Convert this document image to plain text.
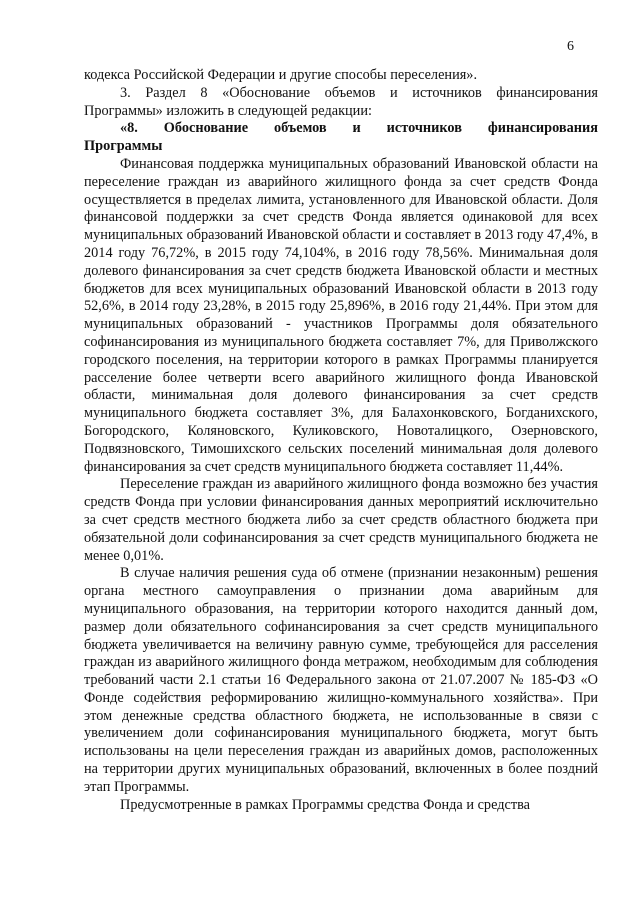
6

кодекса Российской Федерации и другие способы переселения».

3. Раздел 8 «Обоснование объемов и источников финансирования Программы» изложить в следующей редакции:

«8. Обоснование объемов и источников финансирования

Программы

Финансовая поддержка муниципальных образований Ивановской области на переселение граждан из аварийного жилищного фонда за счет средств Фонда осуществляется в пределах лимита, установленного для Ивановской области. Доля финансовой поддержки за счет средств Фонда является одинаковой для всех муниципальных образований Ивановской области и составляет в 2013 году 47,4%, в 2014 году 76,72%, в 2015 году 74,104%, в 2016 году 78,56%. Минимальная доля долевого финансирования за счет средств бюджета Ивановской области и местных бюджетов для всех муниципальных образований Ивановской области в 2013 году 52,6%, в 2014 году 23,28%, в 2015 году 25,896%, в 2016 году 21,44%. При этом для муниципальных образований - участников Программы доля обязательного софинансирования из муниципального бюджета составляет 7%, для Приволжского городского поселения, на территории которого в рамках Программы планируется расселение более четверти всего аварийного жилищного фонда Ивановской области, минимальная доля долевого финансирования за счет средств муниципального бюджета составляет 3%, для Балахонковского, Богданихского, Богородского, Коляновского, Куликовского, Новоталицкого, Озерновского, Подвязновского, Тимошихского сельских поселений минимальная доля долевого финансирования за счет средств муниципального бюджета составляет 11,44%.

Переселение граждан из аварийного жилищного фонда возможно без участия средств Фонда при условии финансирования данных мероприятий исключительно за счет средств местного бюджета либо за счет средств областного бюджета при обязательной доли софинансирования за счет средств муниципального бюджета не менее 0,01%.

В случае наличия решения суда об отмене (признании незаконным) решения органа местного самоуправления о признании дома аварийным для муниципального образования, на территории которого находится данный дом, размер доли обязательного софинансирования за счет средств муниципального бюджета увеличивается на величину равную сумме, требующейся для расселения граждан из аварийного жилищного фонда метражом, необходимым для соблюдения требований части 2.1 статьи 16 Федерального закона от 21.07.2007 № 185-ФЗ «О Фонде содействия реформированию жилищно-коммунального хозяйства». При этом денежные средства областного бюджета, не использованные в связи с увеличением доли софинансирования муниципального бюджета, могут быть использованы на цели переселения граждан из аварийных домов, расположенных на территории других муниципальных образований, включенных в более поздний этап Программы.

Предусмотренные в рамках Программы средства Фонда и средства
